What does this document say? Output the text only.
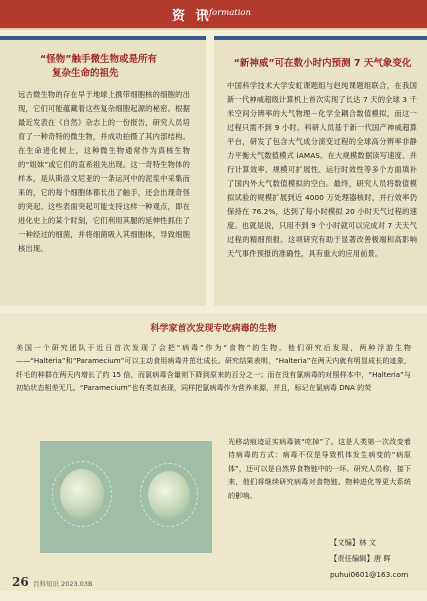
资 讯
Information
“怪物”触手微生物或是所有
复杂生命的祖先
远古微生物的存在早于地球上携带细胞核的细胞的出现，它们可能蕴藏着这些复杂细胞起源的秘密。根据最近发表在《自然》杂志上的一份报告，研究人员培育了一种奇特的微生物，并成功拍摄了其内部结构。在生命进化树上，这种微生物通常作为真核生物的“姐妹”或它们的直系祖先出现。这一奇特生物体的样本，是从斯洛文尼亚的一条运河中的泥浆中采集而来的，它的每个细胞体都长出了触手，还会出现奇怪的突起。这些表面突起可能支持这样一种观点，即在进化史上的某个时刻，它们利用其腿的延伸性抓住了一种经过的细菌，并将细菌吸入其细胞体，导致细胞核出现。
“新神威”可在数小时内预测 7 天气象变化
中国科学技术大学安虹课题组与赵纯课题组联合，在我国新一代神威超级计算机上首次实现了长达 7 天的全球 3 千米空间分辨率的大气物理－化学全耦合数值模拟，而这一过程只需不到 9 小时。科研人员基于新一代国产神威超算平台，研发了包含大气成分演变过程的全球高分辨率非静力平衡大气数值模式 iAMAS。在大规模数据读写速度、并行计算效率、规模可扩展性、运行时效性等多个方面填补了国内外大气数值模拟的空白。最终，研究人员将数值模拟试验的规模扩展到近 4000 万处理器核时，并行效率仍保持在 76.2%，达到了每小时模拟 20 小时天气过程的速度。也就是说，只用不到 9 个小时就可以完成对 7 天天气过程的精细预报。这项研究有助于显著改善极端和高影响天气事件预报的准确性，具有重大的应用前景。
科学家首次发现专吃病毒的生物
美国一个研究团队于近日首次发现了会把“病毒”作为“食物”的生物。他们研究后发现，两种浮游生物——“Halteria”和“Paramecium”可以主动食用病毒并茁壮成长。研究结果表明，“Halteria”在两天内就有明显成长的迹象，纤毛的种群在两天内增长了约 15 倍，而氯病毒含量则下降到原来的百分之一；而在没有氯病毒的对照样本中，“Halteria”与初始状态相差无几。“Paramecium”也有类似表现，同样把氯病毒作为营养来源，并且，标记在氯病毒 DNA 的荧
光移动痕迹证实病毒被“吃掉”了。这是人类第一次改变着待病毒的方式：病毒不仅是导致机体发生病变的“病原体”，还可以是自然界食物链中的一环。研究人员称，接下来，他们将继续研究病毒对食物链、物种进化等更大系统的影响。
【文编】林 文
【责任编辑】唐 晖
puhui0601@163.com
26 百科知识 2023.03B
